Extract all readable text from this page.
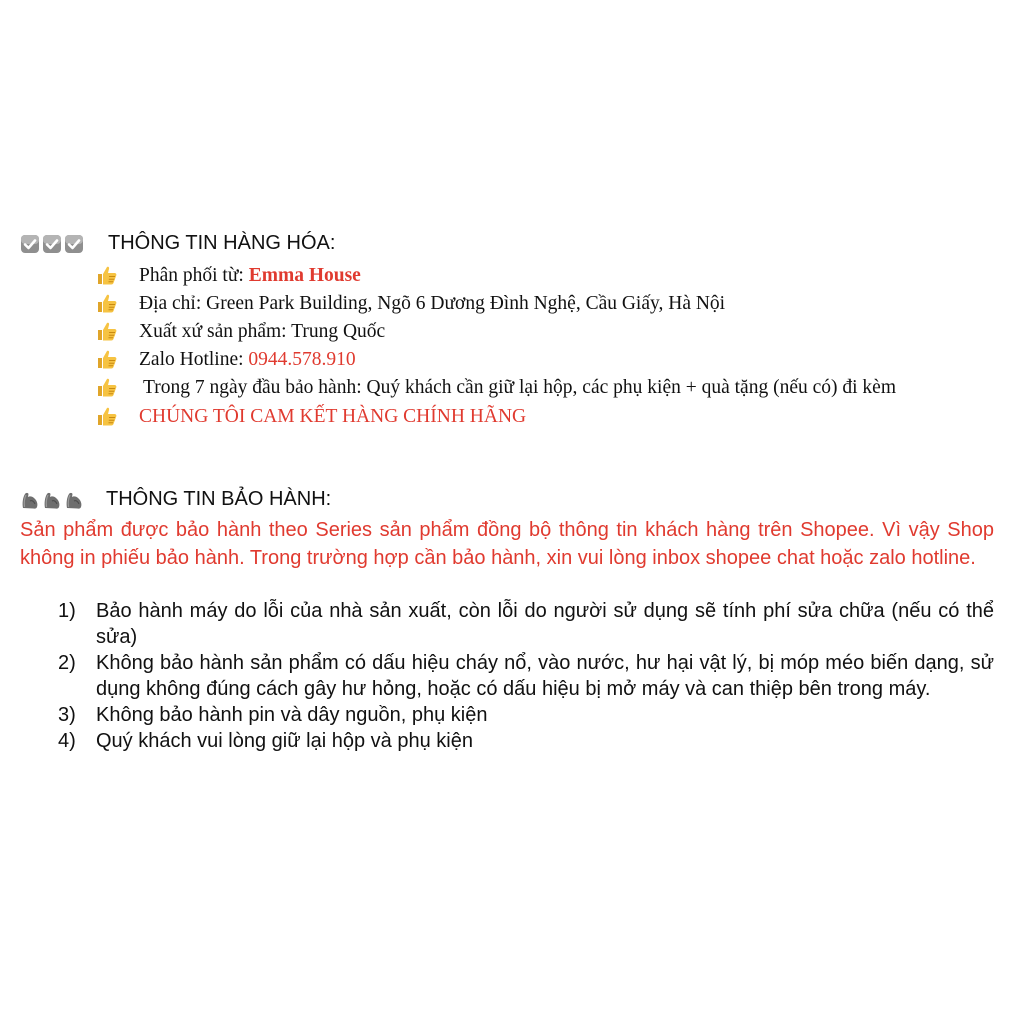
THÔNG TIN HÀNG HÓA:
Phân phối từ: Emma House
Địa chỉ: Green Park Building, Ngõ 6 Dương Đình Nghệ, Cầu Giấy, Hà Nội
Xuất xứ sản phẩm: Trung Quốc
Zalo Hotline: 0944.578.910
Trong 7 ngày đầu bảo hành: Quý khách cần giữ lại hộp, các phụ kiện + quà tặng (nếu có) đi kèm
CHÚNG TÔI CAM KẾT HÀNG CHÍNH HÃNG
THÔNG TIN BẢO HÀNH:
Sản phẩm được bảo hành theo Series sản phẩm đồng bộ thông tin khách hàng trên Shopee. Vì vậy Shop không in phiếu bảo hành. Trong trường hợp cần bảo hành, xin vui lòng inbox shopee chat hoặc zalo hotline.
1)	Bảo hành máy do lỗi của nhà sản xuất, còn lỗi do người sử dụng sẽ tính phí sửa chữa (nếu có thể sửa)
2)	Không bảo hành sản phẩm có dấu hiệu cháy nổ, vào nước, hư hại vật lý, bị móp méo biến dạng, sử dụng không đúng cách gây hư hỏng, hoặc có dấu hiệu bị mở máy và can thiệp bên trong máy.
3)	Không bảo hành pin và dây nguồn, phụ kiện
4)	Quý khách vui lòng giữ lại hộp và phụ kiện
